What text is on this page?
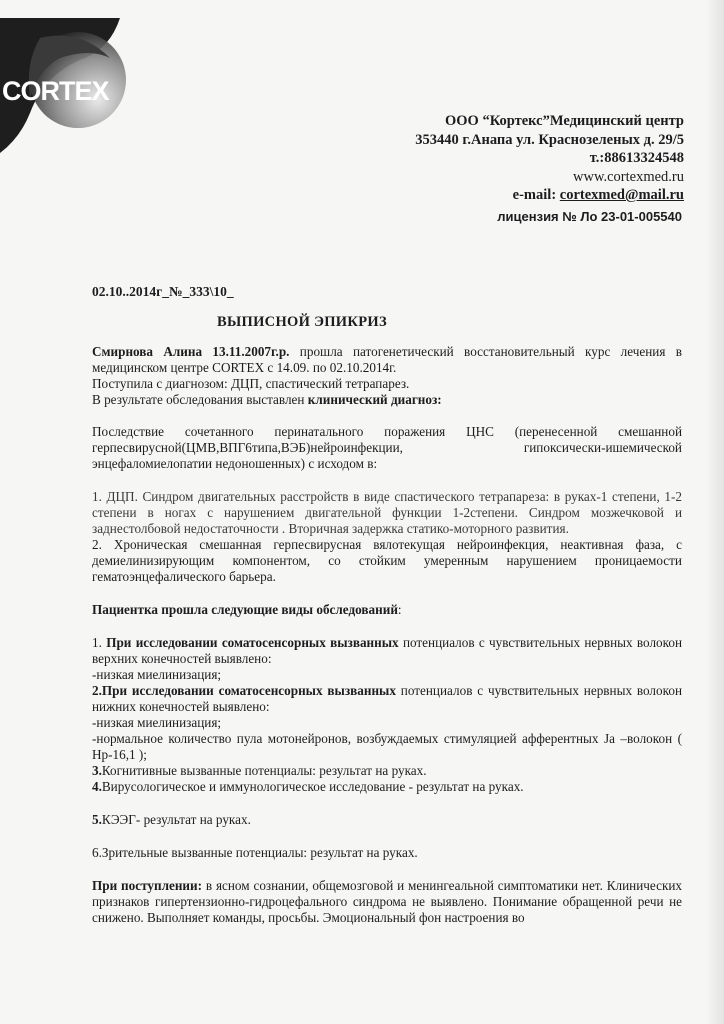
CORTEX
ООО “Кортекс”Медицинский центр
353440 г.Анапа ул. Краснозеленых д. 29/5
т.:88613324548
www.cortexmed.ru
e-mail: cortexmed@mail.ru
лицензия № Ло 23-01-005540
02.10..2014г_№_333\10_
ВЫПИСНОЙ ЭПИКРИЗ

Смирнова Алина 13.11.2007г.р. прошла патогенетический восстановительный курс лечения в медицинском центре CORTEX с 14.09. по 02.10.2014г.

Поступила с диагнозом: ДЦП, спастический тетрапарез.

В результате обследования выставлен клинический диагноз:

Последствие сочетанного перинатального поражения ЦНС (перенесенной смешанной герпесвирусной(ЦМВ,ВПГ6типа,ВЭБ)нейроинфекции, гипоксически-ишемической энцефаломиелопатии недоношенных) с исходом в:

1. ДЦП. Синдром двигательных расстройств в виде спастического тетрапареза: в руках-1 степени, 1-2 степени в ногах с нарушением двигательной функции 1-2степени. Синдром мозжечковой и заднестолбовой недостаточности . Вторичная задержка статико-моторного развития.

2. Хроническая смешанная герпесвирусная вялотекущая нейроинфекция, неактивная фаза, с демиелинизирующим компонентом, со стойким умеренным нарушением проницаемости гематоэнцефалического барьера.

Пациентка прошла следующие виды обследований:

1. При исследовании соматосенсорных вызванных потенциалов с чувствительных нервных волокон верхних конечностей выявлено:

-низкая миелинизация;

2.При исследовании соматосенсорных вызванных потенциалов с чувствительных нервных волокон нижних конечностей выявлено:

-низкая миелинизация;

-нормальное количество пула мотонейронов, возбуждаемых стимуляцией афферентных Ja –волокон ( Нр-16,1 );

3.Когнитивные вызванные потенциалы: результат на руках.

4.Вирусологическое и иммунологическое исследование - результат на руках.

5.КЭЭГ- результат на руках.

6.Зрительные вызванные потенциалы: результат на руках.

При поступлении: в ясном сознании, общемозговой и менингеальной симптоматики нет. Клинических признаков гипертензионно-гидроцефального синдрома не выявлено. Понимание обращенной речи не снижено. Выполняет команды, просьбы. Эмоциональный фон настроения во
